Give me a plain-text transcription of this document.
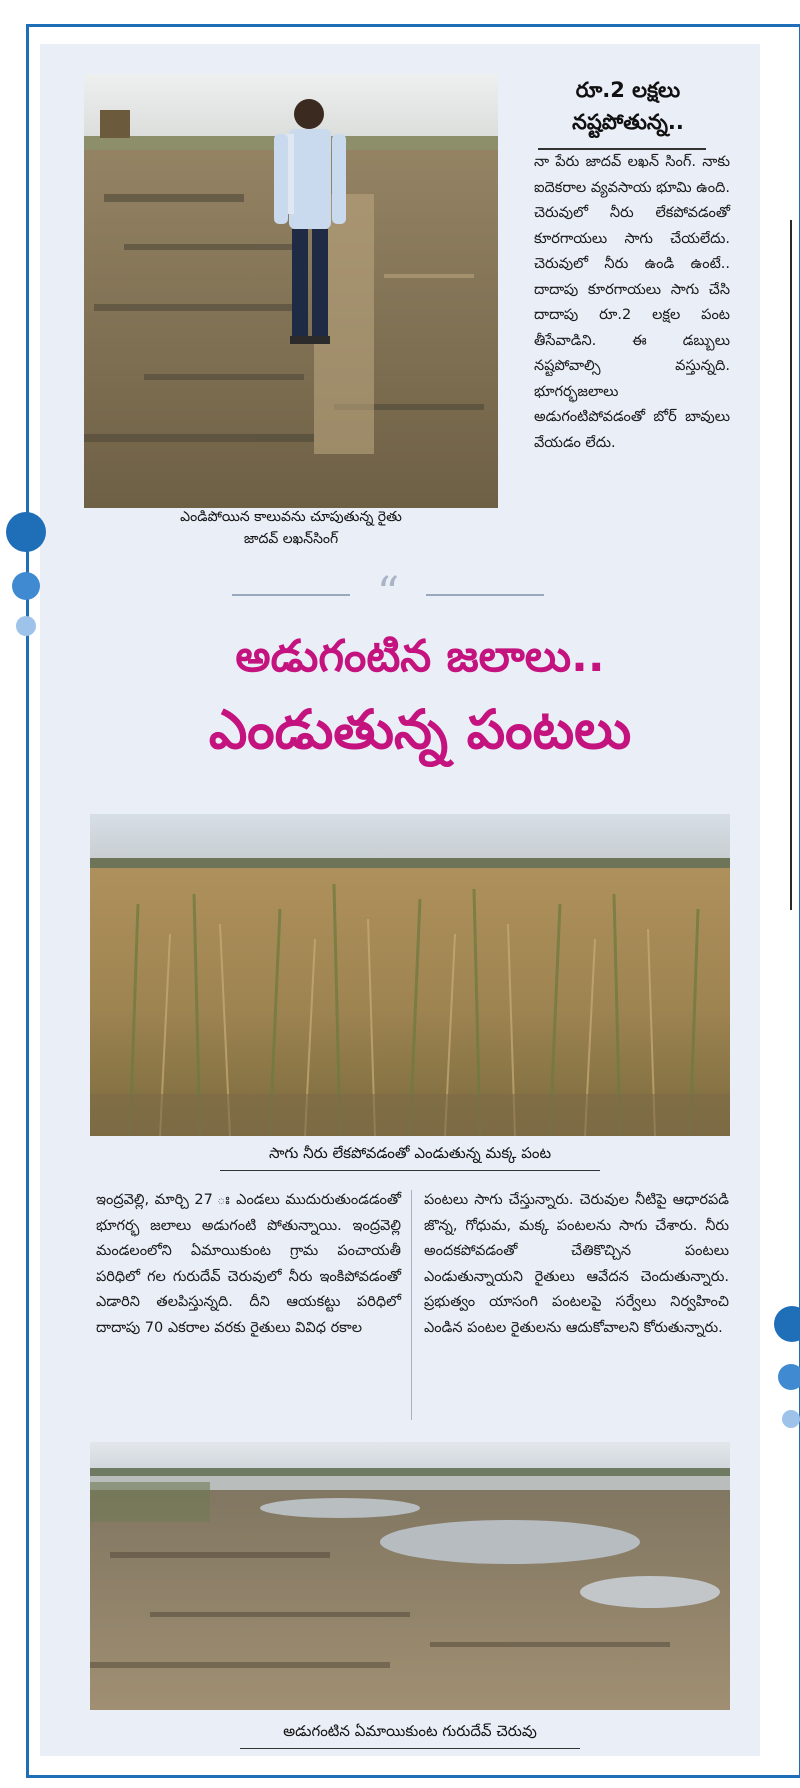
ఎండిపోయిన కాలువను చూపుతున్న రైతు
జాదవ్ లఖన్‌సింగ్
రూ.2 లక్షలు
నష్టపోతున్న..
నా పేరు జాదవ్ లఖన్ సింగ్. నాకు ఐదెకరాల వ్యవసాయ భూమి ఉంది. చెరువులో నీరు లేకపోవడంతో కూరగాయలు సాగు చేయలేదు. చెరువులో నీరు ఉండి ఉంటే.. దాదాపు కూరగాయలు సాగు చేసి దాదాపు రూ.2 లక్షల పంట తీసేవాడిని. ఈ డబ్బులు నష్టపోవాల్సి వస్తున్నది. భూగర్భజలాలు అడుగంటిపోవడంతో బోర్ బావులు వేయడం లేదు.
“
అడుగంటిన జలాలు..
ఎండుతున్న పంటలు
సాగు నీరు లేకపోవడంతో ఎండుతున్న మక్క పంట
ఇంద్రవెల్లి, మార్చి 27 ః ఎండలు ముదురుతుండడంతో భూగర్భ జలాలు అడుగంటి పోతున్నాయి. ఇంద్రవెల్లి మండలంలోని ఏమాయికుంట గ్రామ పంచాయతీ పరిధిలో గల గురుదేవ్ చెరువులో నీరు ఇంకిపోవడంతో ఎడారిని తలపిస్తున్నది. దీని ఆయకట్టు పరిధిలో దాదాపు 70 ఎకరాల వరకు రైతులు వివిధ రకాల
పంటలు సాగు చేస్తున్నారు. చెరువుల నీటిపై ఆధారపడి జొన్న, గోధుమ, మక్క పంటలను సాగు చేశారు. నీరు అందకపోవడంతో చేతికొచ్చిన పంటలు ఎండుతున్నాయని రైతులు ఆవేదన చెందుతున్నారు. ప్రభుత్వం యాసంగి పంటలపై సర్వేలు నిర్వహించి ఎండిన పంటల రైతులను ఆదుకోవాలని కోరుతున్నారు.
అడుగంటిన ఏమాయికుంట గురుదేవ్ చెరువు
